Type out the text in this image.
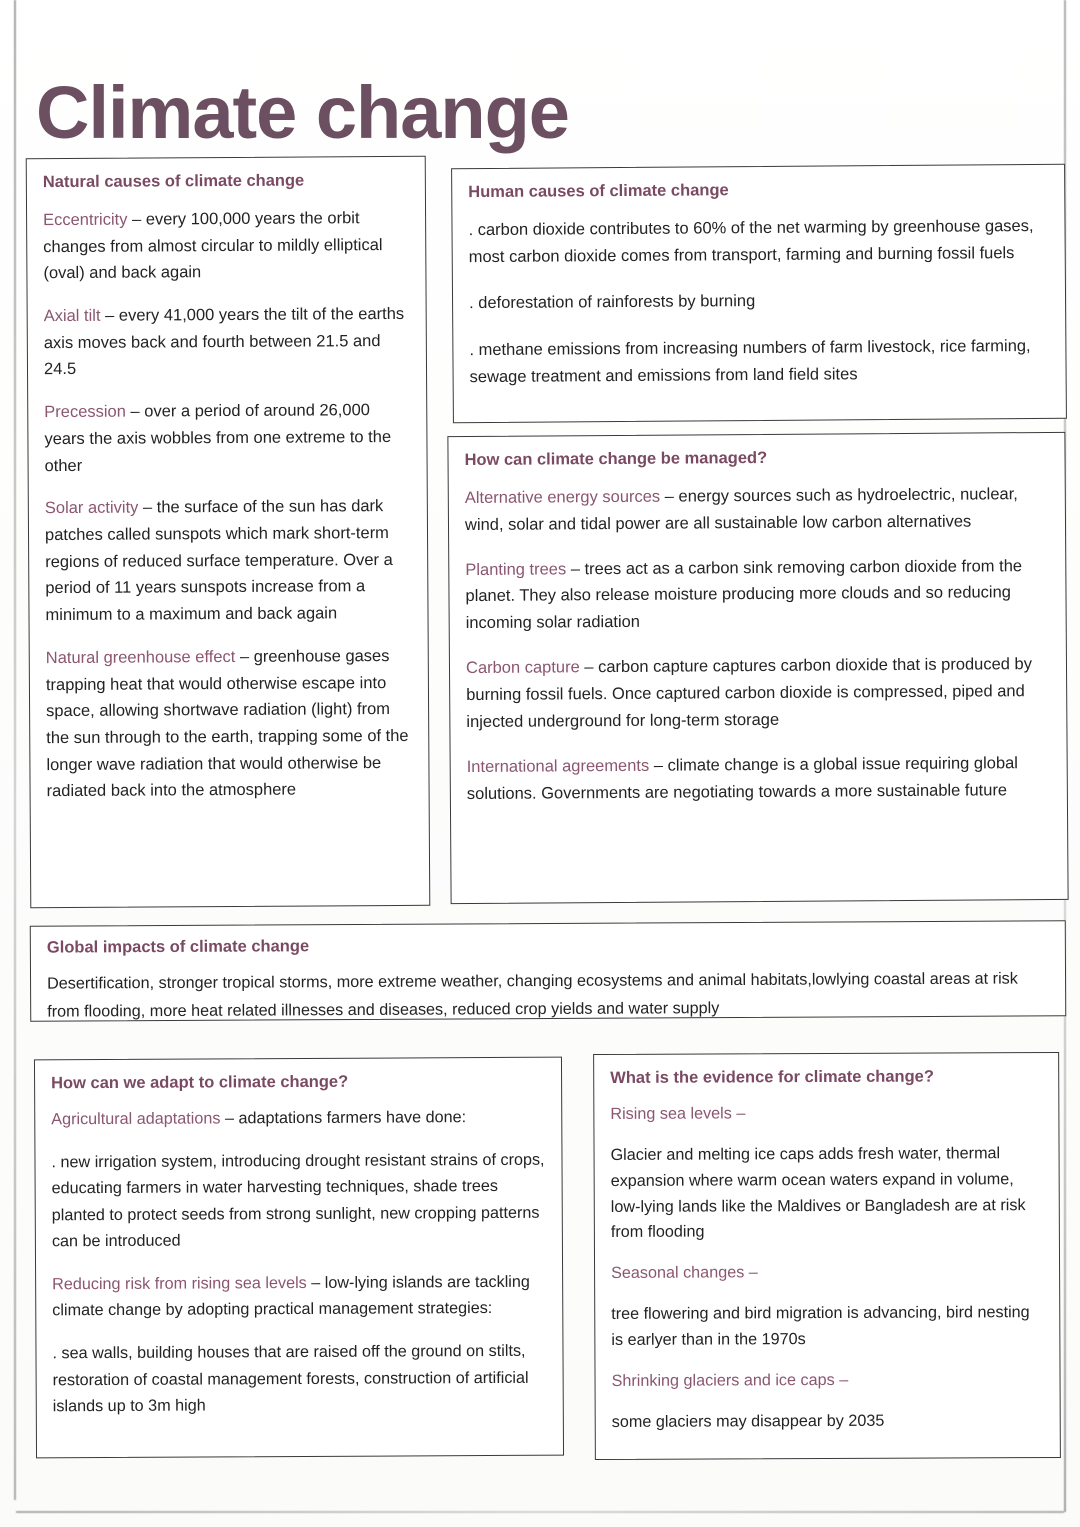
Climate change
Natural causes of climate change

Eccentricity – every 100,000 years the orbit changes from almost circular to mildly elliptical (oval) and back again

Axial tilt – every 41,000 years the tilt of the earths axis moves back and fourth between 21.5 and 24.5

Precession – over a period of around 26,000 years the axis wobbles from one extreme to the other

Solar activity – the surface of the sun has dark patches called sunspots which mark short-term regions of reduced surface temperature. Over a period of 11 years sunspots increase from a minimum to a maximum and back again

Natural greenhouse effect – greenhouse gases trapping heat that would otherwise escape into space, allowing shortwave radiation (light) from the sun through to the earth, trapping some of the longer wave radiation that would otherwise be radiated back into the atmosphere

Human causes of climate change

. carbon dioxide contributes to 60% of the net warming by greenhouse gases, most carbon dioxide comes from transport, farming and burning fossil fuels

. deforestation of rainforests by burning

. methane emissions from increasing numbers of farm livestock, rice farming, sewage treatment and emissions from land field sites

How can climate change be managed?

Alternative energy sources – energy sources such as hydroelectric, nuclear, wind, solar and tidal power are all sustainable low carbon alternatives

Planting trees – trees act as a carbon sink removing carbon dioxide from the planet. They also release moisture producing more clouds and so reducing incoming solar radiation

Carbon capture – carbon capture captures carbon dioxide that is produced by burning fossil fuels. Once captured carbon dioxide is compressed, piped and injected underground for long-term storage

International agreements – climate change is a global issue requiring global solutions. Governments are negotiating towards a more sustainable future

Global impacts of climate change

Desertification, stronger tropical storms, more extreme weather, changing ecosystems and animal habitats,lowlying coastal areas at risk from flooding, more heat related illnesses and diseases, reduced crop yields and water supply

How can we adapt to climate change?

Agricultural adaptations – adaptations farmers have done:

. new irrigation system, introducing drought resistant strains of crops, educating farmers in water harvesting techniques, shade trees planted to protect seeds from strong sunlight, new cropping patterns can be introduced

Reducing risk from rising sea levels – low-lying islands are tackling climate change by adopting practical management strategies:

. sea walls, building houses that are raised off the ground on stilts, restoration of coastal management forests, construction of artificial islands up to 3m high

What is the evidence for climate change?

Rising sea levels –

Glacier and melting ice caps adds fresh water, thermal expansion where warm ocean waters expand in volume, low-lying lands like the Maldives or Bangladesh are at risk from flooding

Seasonal changes –

tree flowering and bird migration is advancing, bird nesting is earlyer than in the 1970s

Shrinking glaciers and ice caps –

some glaciers may disappear by 2035
